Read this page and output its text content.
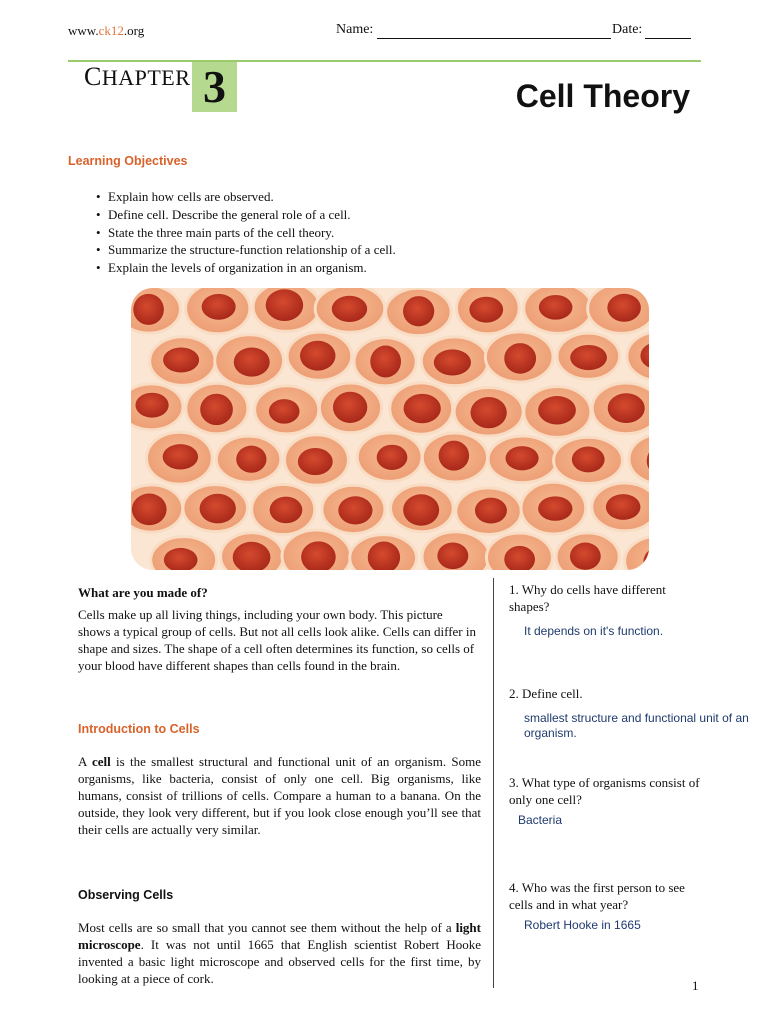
www.ck12.org	Name:	Date:
CHAPTER 3	Cell Theory
Learning Objectives
• Explain how cells are observed.
• Define cell. Describe the general role of a cell.
• State the three main parts of the cell theory.
• Summarize the structure-function relationship of a cell.
• Explain the levels of organization in an organism.
What are you made of?
Cells make up all living things, including your own body. This picture shows a typical group of cells. But not all cells look alike. Cells can differ in shape and sizes. The shape of a cell often determines its function, so cells of your blood have different shapes than cells found in the brain.
Introduction to Cells
A cell is the smallest structural and functional unit of an organism. Some organisms, like bacteria, consist of only one cell. Big organisms, like humans, consist of trillions of cells. Compare a human to a banana. On the outside, they look very different, but if you look close enough you’ll see that their cells are actually very similar.
Observing Cells
Most cells are so small that you cannot see them without the help of a light microscope. It was not until 1665 that English scientist Robert Hooke invented a basic light microscope and observed cells for the first time, by looking at a piece of cork.
1. Why do cells have different shapes?
It depends on it's function.
2. Define cell.
smallest structure and functional unit of an organism.
3. What type of organisms consist of only one cell?
Bacteria
4. Who was the first person to see cells and in what year?
Robert Hooke in 1665
1
